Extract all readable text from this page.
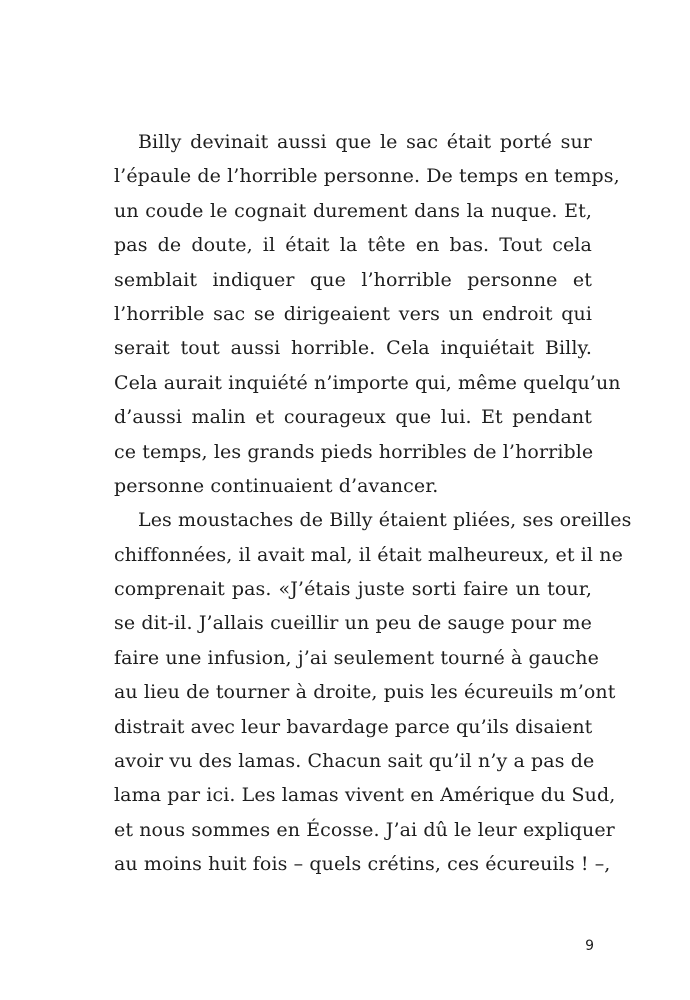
Billy devinait aussi que le sac était porté sur
l’épaule de l’horrible personne. De temps en temps,
un coude le cognait durement dans la nuque. Et,
pas de doute, il était la tête en bas. Tout cela
semblait indiquer que l’horrible personne et
l’horrible sac se dirigeaient vers un endroit qui
serait tout aussi horrible. Cela inquiétait Billy.
Cela aurait inquiété n’importe qui, même quelqu’un
d’aussi malin et courageux que lui. Et pendant
ce temps, les grands pieds horribles de l’horrible
personne continuaient d’avancer.
Les moustaches de Billy étaient pliées, ses oreilles
chiffonnées, il avait mal, il était malheureux, et il ne
comprenait pas. «J’étais juste sorti faire un tour,
se dit-il. J’allais cueillir un peu de sauge pour me
faire une infusion, j’ai seulement tourné à gauche
au lieu de tourner à droite, puis les écureuils m’ont
distrait avec leur bavardage parce qu’ils disaient
avoir vu des lamas. Chacun sait qu’il n’y a pas de
lama par ici. Les lamas vivent en Amérique du Sud,
et nous sommes en Écosse. J’ai dû le leur expliquer
au moins huit fois – quels crétins, ces écureuils ! –,
9
